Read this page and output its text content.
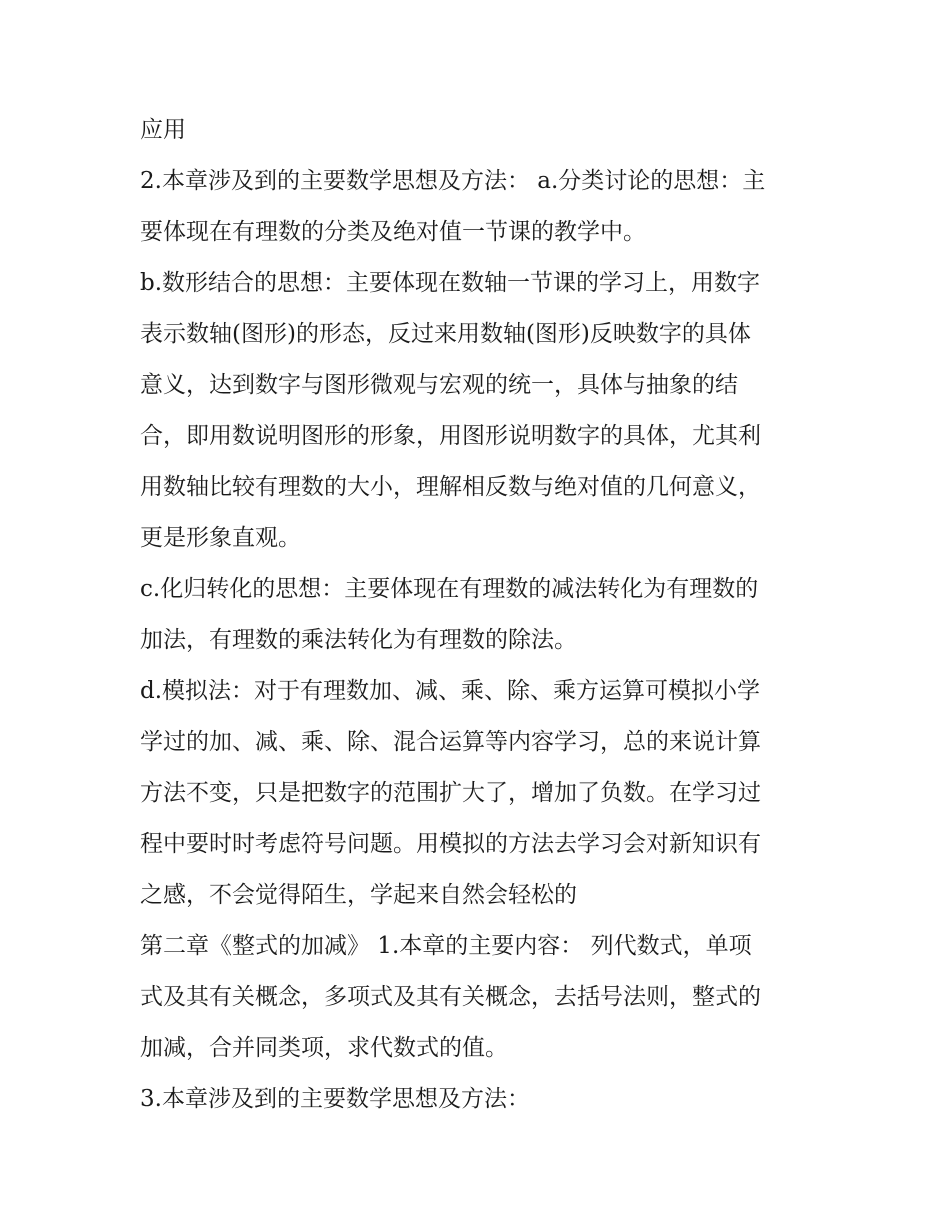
应用
2.本章涉及到的主要数学思想及方法： a.分类讨论的思想：主
要体现在有理数的分类及绝对值一节课的教学中。
b.数形结合的思想：主要体现在数轴一节课的学习上，用数字
表示数轴(图形)的形态，反过来用数轴(图形)反映数字的具体
意义，达到数字与图形微观与宏观的统一，具体与抽象的结
合，即用数说明图形的形象，用图形说明数字的具体，尤其利
用数轴比较有理数的大小，理解相反数与绝对值的几何意义，
更是形象直观。
c.化归转化的思想：主要体现在有理数的减法转化为有理数的
加法，有理数的乘法转化为有理数的除法。
d.模拟法：对于有理数加、减、乘、除、乘方运算可模拟小学
学过的加、减、乘、除、混合运算等内容学习，总的来说计算
方法不变，只是把数字的范围扩大了，增加了负数。在学习过
程中要时时考虑符号问题。用模拟的方法去学习会对新知识有
之感，不会觉得陌生，学起来自然会轻松的
第二章《整式的加减》 1.本章的主要内容： 列代数式，单项
式及其有关概念，多项式及其有关概念，去括号法则，整式的
加减，合并同类项，求代数式的值。
3.本章涉及到的主要数学思想及方法：
